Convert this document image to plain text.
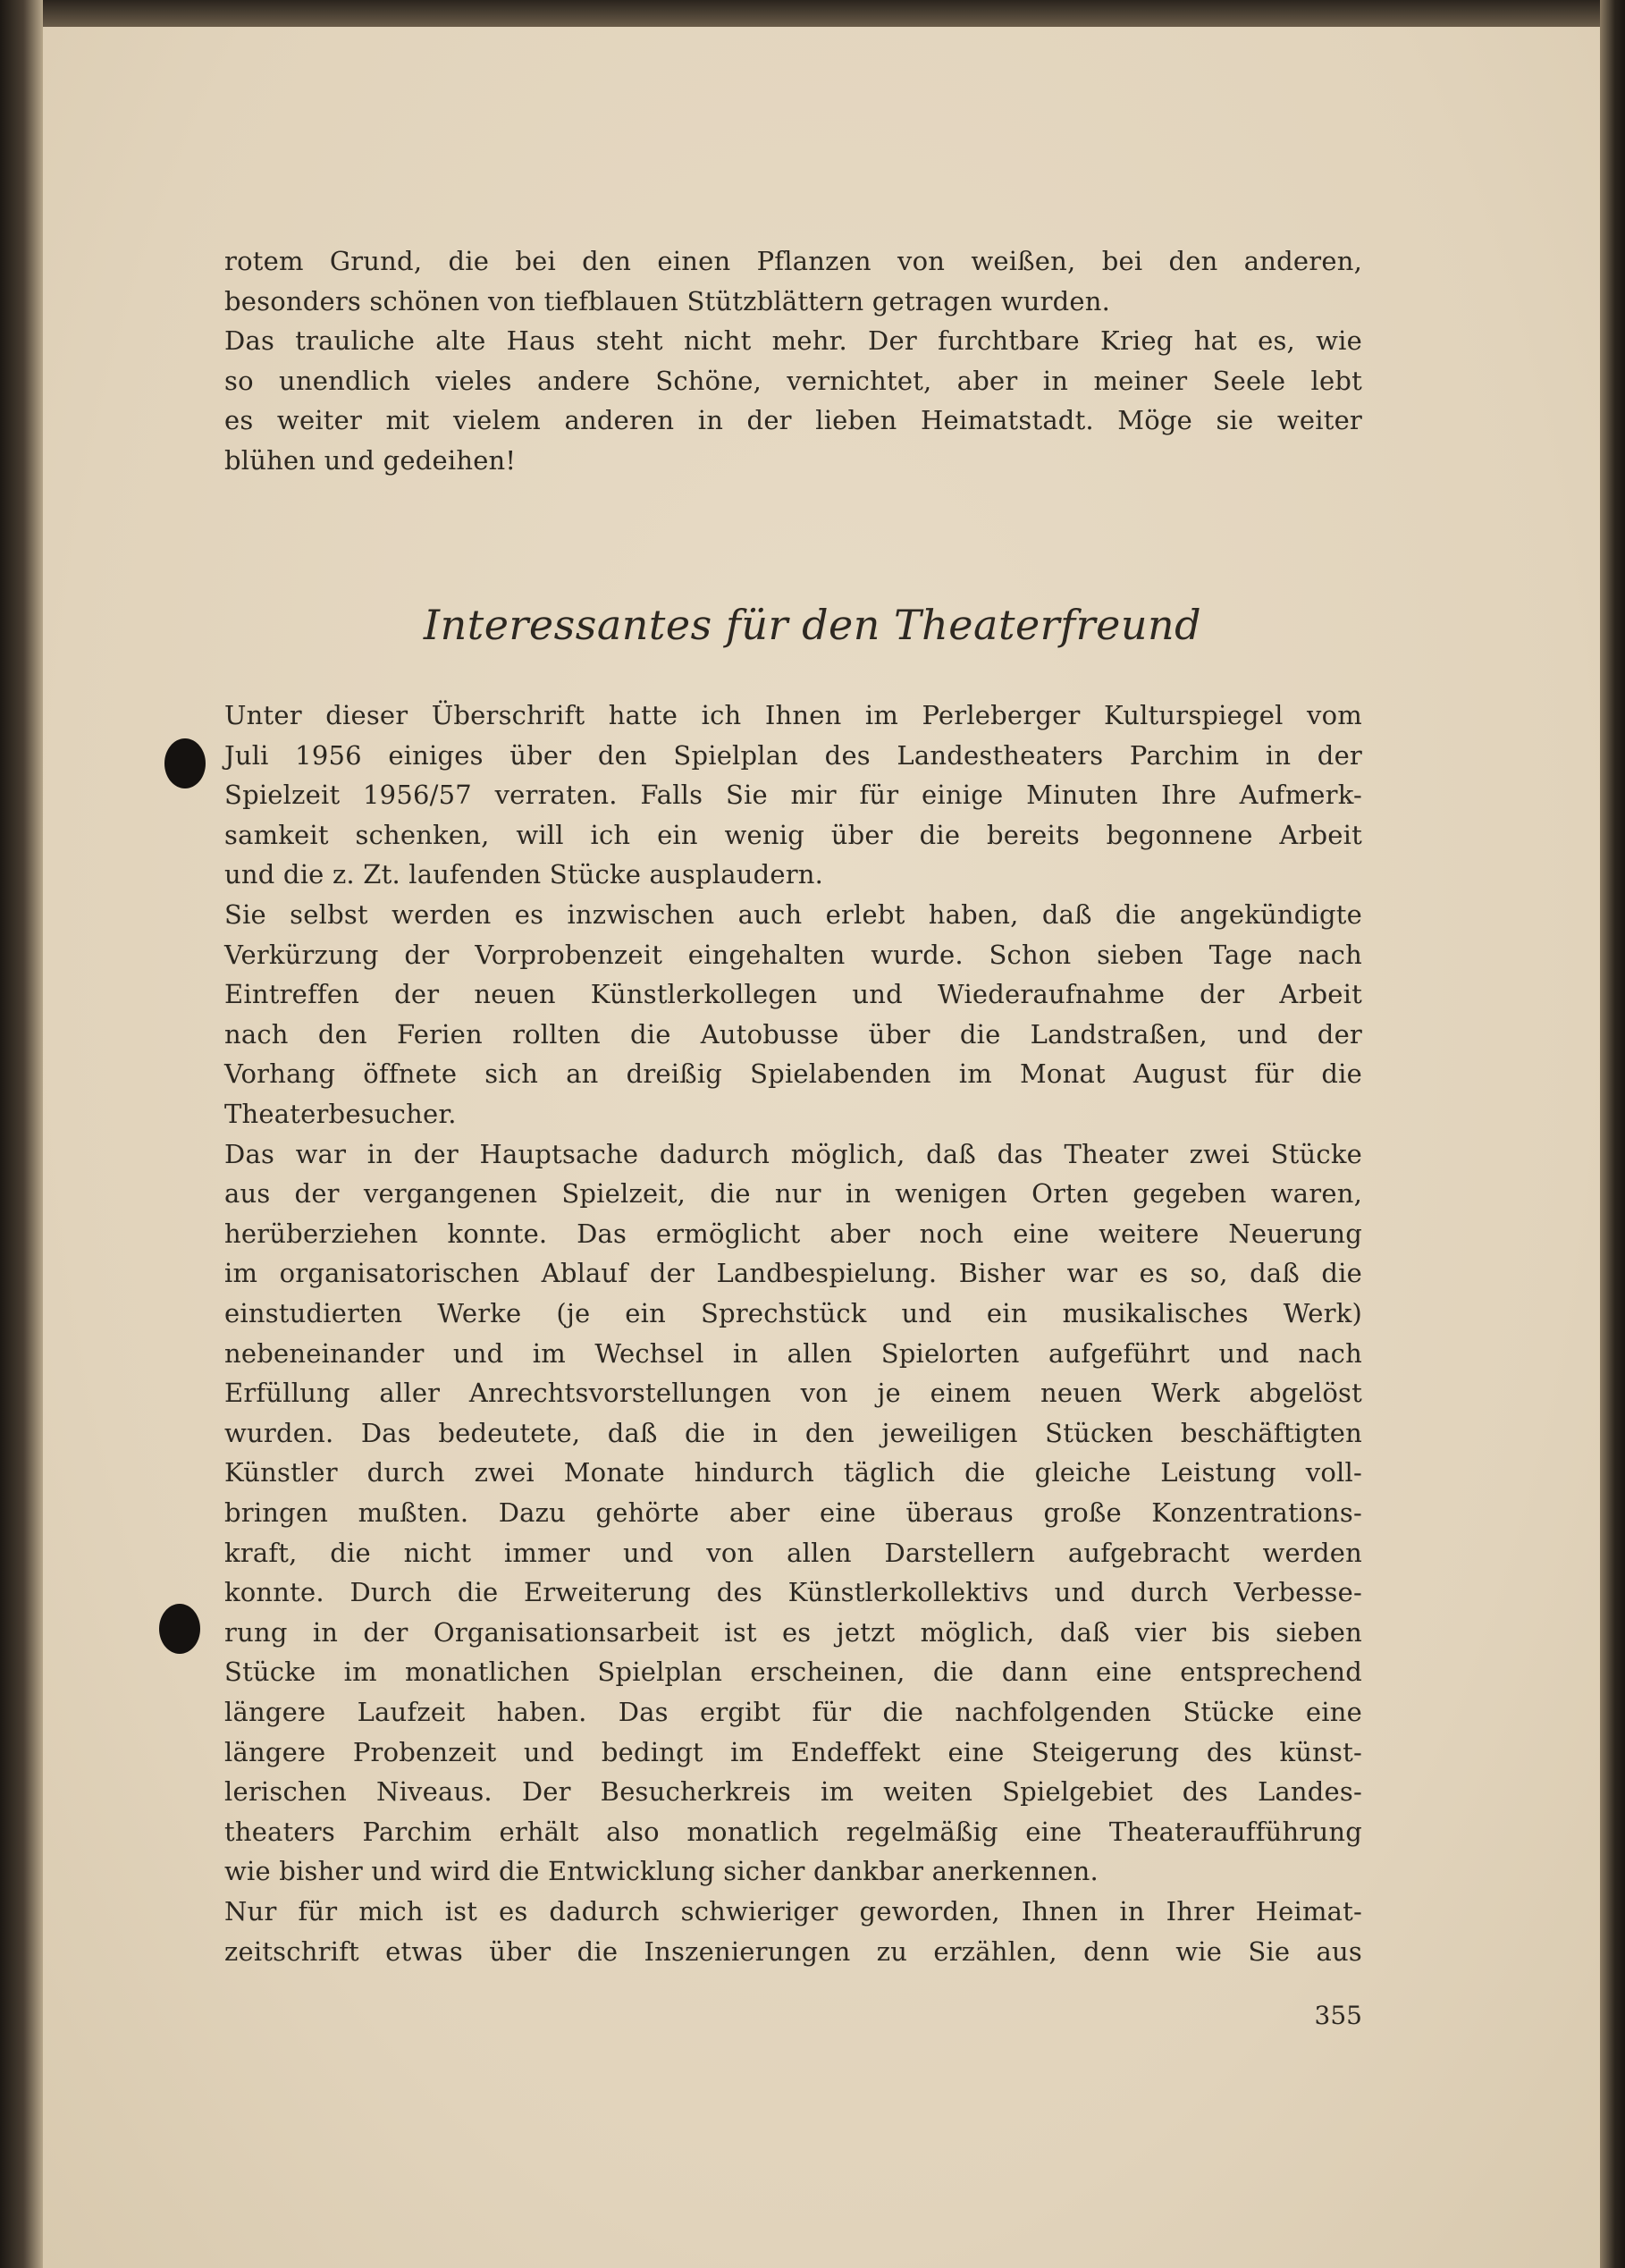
rotem Grund, die bei den einen Pflanzen von weißen, bei den anderen,
besonders schönen von tiefblauen Stützblättern getragen wurden.
Das trauliche alte Haus steht nicht mehr. Der furchtbare Krieg hat es, wie
so unendlich vieles andere Schöne, vernichtet, aber in meiner Seele lebt
es weiter mit vielem anderen in der lieben Heimatstadt. Möge sie weiter
blühen und gedeihen!
Interessantes für den Theaterfreund
Unter dieser Überschrift hatte ich Ihnen im Perleberger Kulturspiegel vom
Juli 1956 einiges über den Spielplan des Landestheaters Parchim in der
Spielzeit 1956/57 verraten. Falls Sie mir für einige Minuten Ihre Aufmerk-
samkeit schenken, will ich ein wenig über die bereits begonnene Arbeit
und die z. Zt. laufenden Stücke ausplaudern.
Sie selbst werden es inzwischen auch erlebt haben, daß die angekündigte
Verkürzung der Vorprobenzeit eingehalten wurde. Schon sieben Tage nach
Eintreffen der neuen Künstlerkollegen und Wiederaufnahme der Arbeit
nach den Ferien rollten die Autobusse über die Landstraßen, und der
Vorhang öffnete sich an dreißig Spielabenden im Monat August für die
Theaterbesucher.
Das war in der Hauptsache dadurch möglich, daß das Theater zwei Stücke
aus der vergangenen Spielzeit, die nur in wenigen Orten gegeben waren,
herüberziehen konnte. Das ermöglicht aber noch eine weitere Neuerung
im organisatorischen Ablauf der Landbespielung. Bisher war es so, daß die
einstudierten Werke (je ein Sprechstück und ein musikalisches Werk)
nebeneinander und im Wechsel in allen Spielorten aufgeführt und nach
Erfüllung aller Anrechtsvorstellungen von je einem neuen Werk abgelöst
wurden. Das bedeutete, daß die in den jeweiligen Stücken beschäftigten
Künstler durch zwei Monate hindurch täglich die gleiche Leistung voll-
bringen mußten. Dazu gehörte aber eine überaus große Konzentrations-
kraft, die nicht immer und von allen Darstellern aufgebracht werden
konnte. Durch die Erweiterung des Künstlerkollektivs und durch Verbesse-
rung in der Organisationsarbeit ist es jetzt möglich, daß vier bis sieben
Stücke im monatlichen Spielplan erscheinen, die dann eine entsprechend
längere Laufzeit haben. Das ergibt für die nachfolgenden Stücke eine
längere Probenzeit und bedingt im Endeffekt eine Steigerung des künst-
lerischen Niveaus. Der Besucherkreis im weiten Spielgebiet des Landes-
theaters Parchim erhält also monatlich regelmäßig eine Theateraufführung
wie bisher und wird die Entwicklung sicher dankbar anerkennen.
Nur für mich ist es dadurch schwieriger geworden, Ihnen in Ihrer Heimat-
zeitschrift etwas über die Inszenierungen zu erzählen, denn wie Sie aus
355
